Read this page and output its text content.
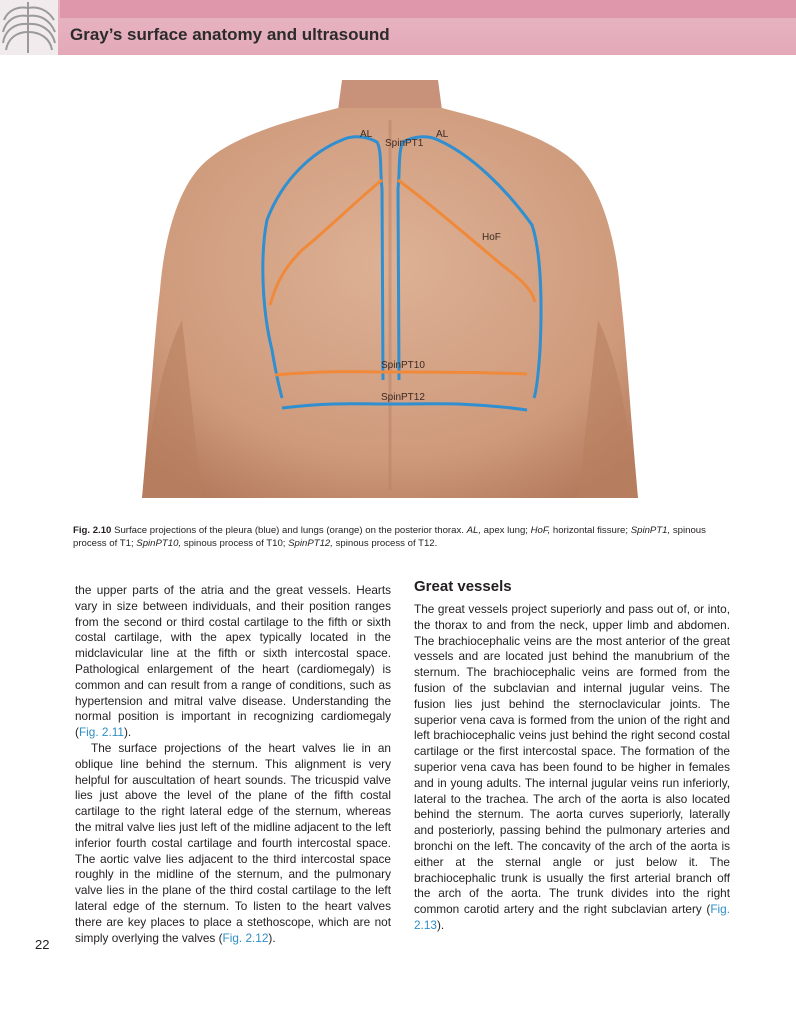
Gray’s surface anatomy and ultrasound
AL	AL
SpinPT1
HoF
SpinPT10
SpinPT12
Fig. 2.10 Surface projections of the pleura (blue) and lungs (orange) on the posterior thorax. AL, apex lung; HoF, horizontal fissure; SpinPT1, spinous process of T1; SpinPT10, spinous process of T10; SpinPT12, spinous process of T12.

the upper parts of the atria and the great vessels. Hearts vary in size between individuals, and their position ranges from the second or third costal cartilage to the fifth or sixth costal cartilage, with the apex typically located in the midclavicular line at the fifth or sixth intercostal space. Pathological enlargement of the heart (cardiomegaly) is common and can result from a range of conditions, such as hypertension and mitral valve disease. Understanding the normal position is important in recognizing cardiomegaly (Fig. 2.11).

The surface projections of the heart valves lie in an oblique line behind the sternum. This alignment is very helpful for auscultation of heart sounds. The tricuspid valve lies just above the level of the plane of the fifth costal cartilage to the right lateral edge of the sternum, whereas the mitral valve lies just left of the midline adjacent to the left inferior fourth costal cartilage and fourth intercostal space. The aortic valve lies adjacent to the third intercostal space roughly in the midline of the sternum, and the pulmonary valve lies in the plane of the third costal cartilage to the left lateral edge of the sternum. To listen to the heart valves there are key places to place a stethoscope, which are not simply overlying the valves (Fig. 2.12).

Great vessels

The great vessels project superiorly and pass out of, or into, the thorax to and from the neck, upper limb and abdomen. The brachiocephalic veins are the most anterior of the great vessels and are located just behind the manubrium of the sternum. The brachiocephalic veins are formed from the fusion of the subclavian and internal jugular veins. The fusion lies just behind the sternoclavicular joints. The superior vena cava is formed from the union of the right and left brachiocephalic veins just behind the right second costal cartilage or the first intercostal space. The formation of the superior vena cava has been found to be higher in females and in young adults. The internal jugular veins run inferiorly, lateral to the trachea. The arch of the aorta is also located behind the sternum. The aorta curves superiorly, laterally and posteriorly, passing behind the pulmonary arteries and bronchi on the left. The concavity of the arch of the aorta is either at the sternal angle or just below it. The brachiocephalic trunk is usually the first arterial branch off the arch of the aorta. The trunk divides into the right common carotid artery and the right subclavian artery (Fig. 2.13).

22
